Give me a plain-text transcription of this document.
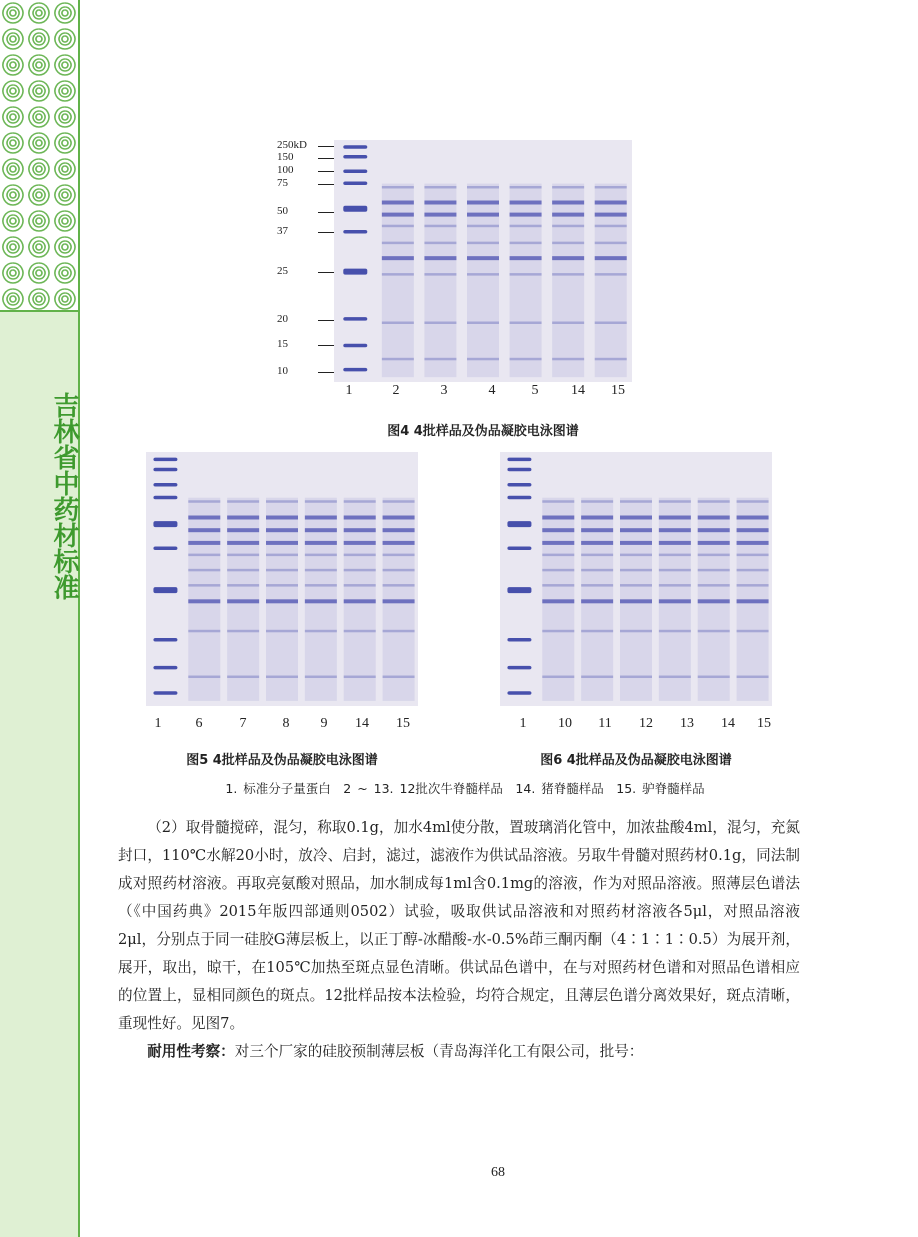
吉林省中药材标准
250kD
150
100
75
50
37
25
20
15
10
1	2	3	4	5	14	15
图4 4批样品及伪品凝胶电泳图谱
1	6	7	8	9	14	15
图5 4批样品及伪品凝胶电泳图谱
1	10	11	12	13	14	15
图6 4批样品及伪品凝胶电泳图谱
1. 标准分子量蛋白　2 ~ 13. 12批次牛脊髓样品　14. 猪脊髓样品　15. 驴脊髓样品

（2）取骨髓搅碎，混匀，称取0.1g，加水4ml使分散，置玻璃消化管中，加浓盐酸4ml，混匀，充氮封口，110℃水解20小时，放冷、启封，滤过，滤液作为供试品溶液。另取牛骨髓对照药材0.1g，同法制成对照药材溶液。再取亮氨酸对照品，加水制成每1ml含0.1mg的溶液，作为对照品溶液。照薄层色谱法（《中国药典》2015年版四部通则0502）试验，吸取供试品溶液和对照药材溶液各5μl，对照品溶液2μl，分别点于同一硅胶G薄层板上，以正丁醇-冰醋酸-水-0.5%茚三酮丙酮（4∶1∶1∶0.5）为展开剂，展开，取出，晾干，在105℃加热至斑点显色清晰。供试品色谱中，在与对照药材色谱和对照品色谱相应的位置上，显相同颜色的斑点。12批样品按本法检验，均符合规定，且薄层色谱分离效果好，斑点清晰，重现性好。见图7。

耐用性考察：对三个厂家的硅胶预制薄层板（青岛海洋化工有限公司，批号：

68
